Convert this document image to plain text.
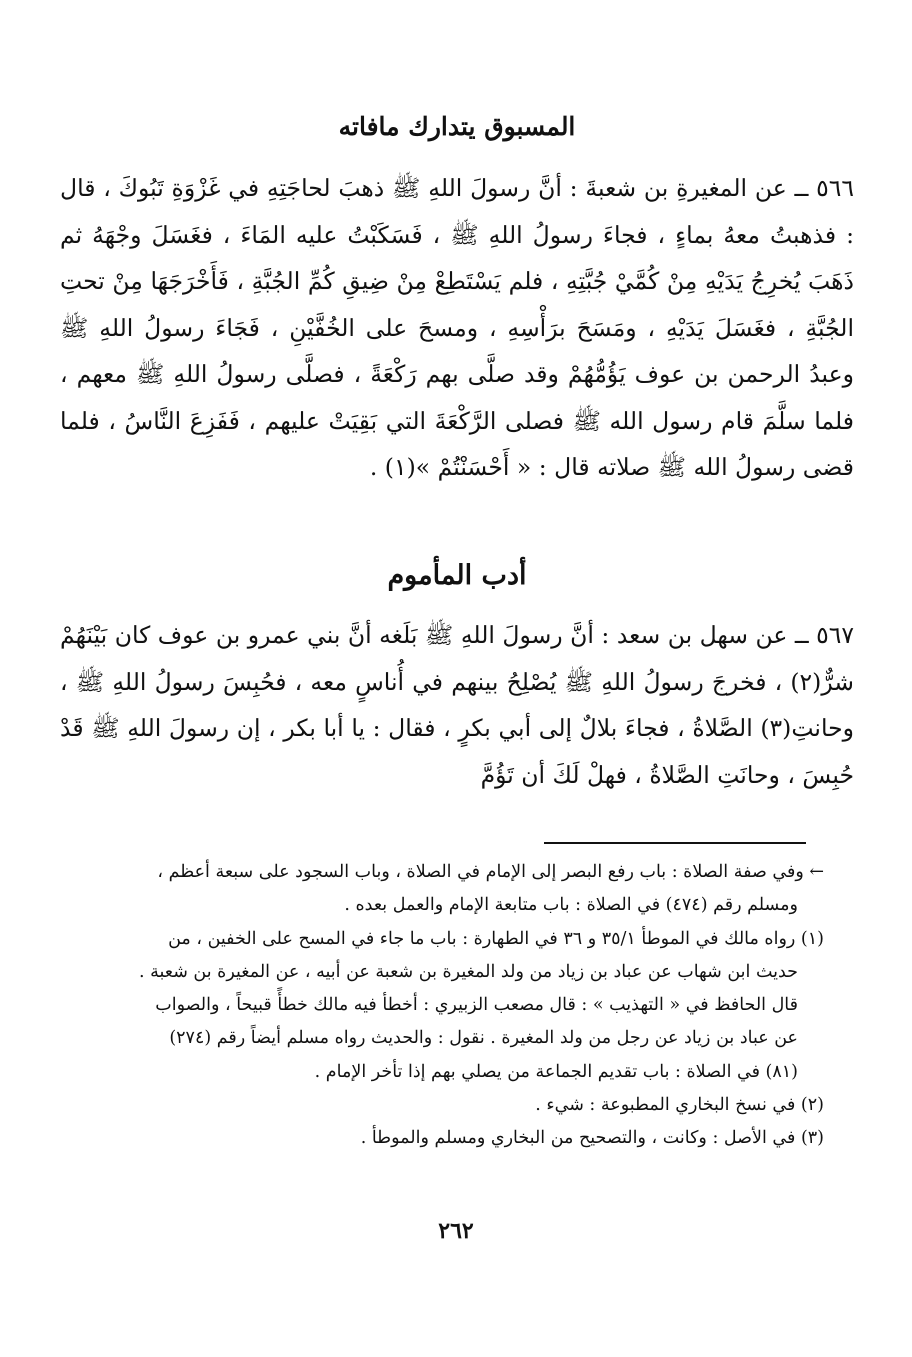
المسبوق يتدارك مافاته
٥٦٦ ــ عن المغيرةِ بن شعبةَ : أنَّ رسولَ اللهِ ﷺ ذهبَ لحاجَتِهِ في غَزْوَةِ تَبُوكَ ، قال : فذهبتُ معهُ بماءٍ ، فجاءَ رسولُ اللهِ ﷺ ، فَسَكَبْتُ عليه المَاءَ ، فغَسَلَ وجْهَهُ ثم ذَهَبَ يُخرِجُ يَدَيْهِ مِنْ كُمَّيْ جُبَّتِهِ ، فلم يَسْتَطِعْ مِنْ ضِيقِ كُمِّ الجُبَّةِ ، فَأَخْرَجَهَا مِنْ تحتِ الجُبَّةِ ، فغَسَلَ يَدَيْهِ ، ومَسَحَ برَأْسِهِ ، ومسحَ على الخُفَّيْنِ ، فَجَاءَ رسولُ اللهِ ﷺ وعبدُ الرحمن بن عوف يَؤُمُّهُمْ وقد صلَّى بهم رَكْعَةً ، فصلَّى رسولُ اللهِ ﷺ معهم ، فلما سلَّمَ قام رسول الله ﷺ فصلى الرَّكْعَةَ التي بَقِيَتْ عليهم ، فَفَزِعَ النَّاسُ ، فلما قضى رسولُ الله ﷺ صلاته قال : « أَحْسَنْتُمْ »(١) .
أدب المأموم
٥٦٧ ــ عن سهل بن سعد : أنَّ رسولَ اللهِ ﷺ بَلَغه أنَّ بني عمرو بن عوف كان بَيْنَهُمْ شرٌّ(٢) ، فخرجَ رسولُ اللهِ ﷺ يُصْلِحُ بينهم في أُناسٍ معه ، فحُبِسَ رسولُ اللهِ ﷺ ، وحانتِ(٣) الصَّلاةُ ، فجاءَ بلالٌ إلى أبي بكرٍ ، فقال : يا أبا بكر ، إن رسولَ اللهِ ﷺ قَدْ حُبِسَ ، وحانَتِ الصَّلاةُ ، فهلْ لَكَ أن تَؤُمَّ
← وفي صفة الصلاة : باب رفع البصر إلى الإمام في الصلاة ، وباب السجود على سبعة أعظم ،
ومسلم رقم (٤٧٤) في الصلاة : باب متابعة الإمام والعمل بعده .
(١) رواه مالك في الموطأ ٣٥/١ و ٣٦ في الطهارة : باب ما جاء في المسح على الخفين ، من
حديث ابن شهاب عن عباد بن زياد من ولد المغيرة بن شعبة عن أبيه ، عن المغيرة بن شعبة .
قال الحافظ في « التهذيب » : قال مصعب الزبيري : أخطأ فيه مالك خطأً قبيحاً ، والصواب
عن عباد بن زياد عن رجل من ولد المغيرة . نقول : والحديث رواه مسلم أيضاً رقم (٢٧٤)
(٨١) في الصلاة : باب تقديم الجماعة من يصلي بهم إذا تأخر الإمام .
(٢) في نسخ البخاري المطبوعة : شيء .
(٣) في الأصل : وكانت ، والتصحيح من البخاري ومسلم والموطأ .
٢٦٢
